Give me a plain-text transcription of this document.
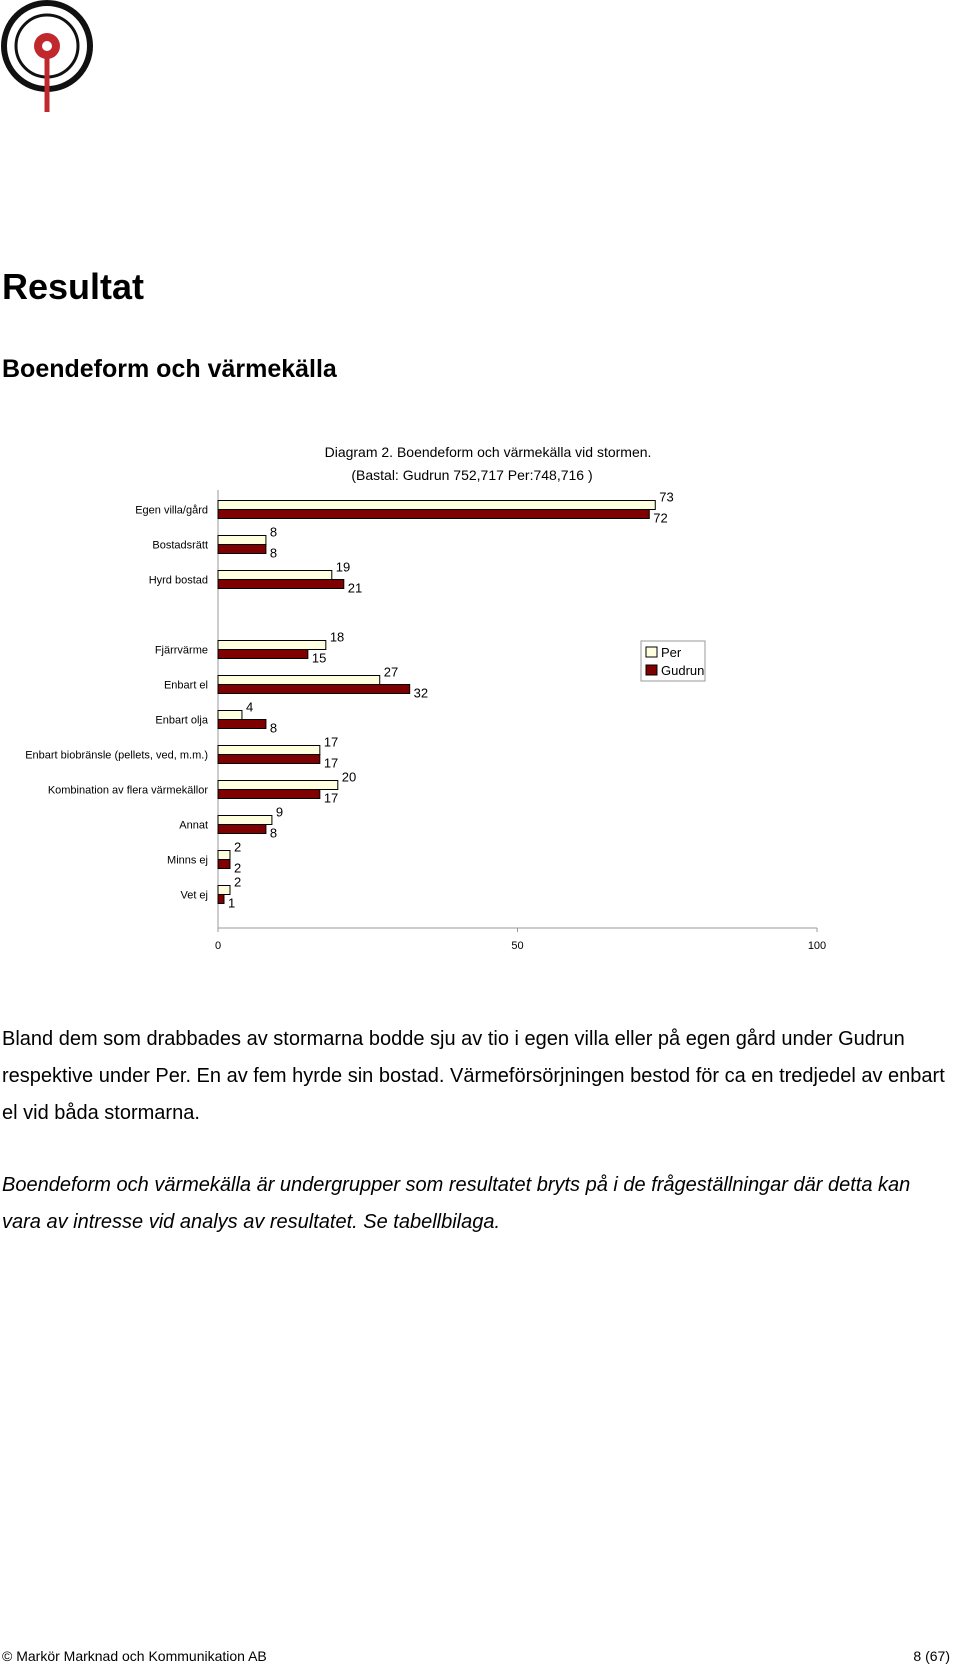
Resultat
Boendeform och värmekälla
Diagram 2. Boendeform och värmekälla vid stormen.
(Bastal: Gudrun 752,717 Per:748,716 )
0	50	100
Egen villa/gård
73
72
Bostadsrätt
8
8
Hyrd bostad
19
21
Fjärrvärme
18
15
Enbart el
27
32
Enbart olja
4
8
Enbart biobränsle (pellets, ved, m.m.)
17
17
Kombination av flera värmekällor
20
17
Annat
9
8
Minns ej
2
2
Vet ej
2
1
Per
Gudrun

Bland dem som drabbades av stormarna bodde sju av tio i egen villa eller på egen gård under Gudrun respektive under Per. En av fem hyrde sin bostad. Värmeförsörjningen bestod för ca en tredjedel av enbart el vid båda stormarna.

Boendeform och värmekälla är undergrupper som resultatet bryts på i de frågeställningar där detta kan vara av intresse vid analys av resultatet. Se tabellbilaga.

© Markör Marknad och Kommunikation AB	8 (67)
